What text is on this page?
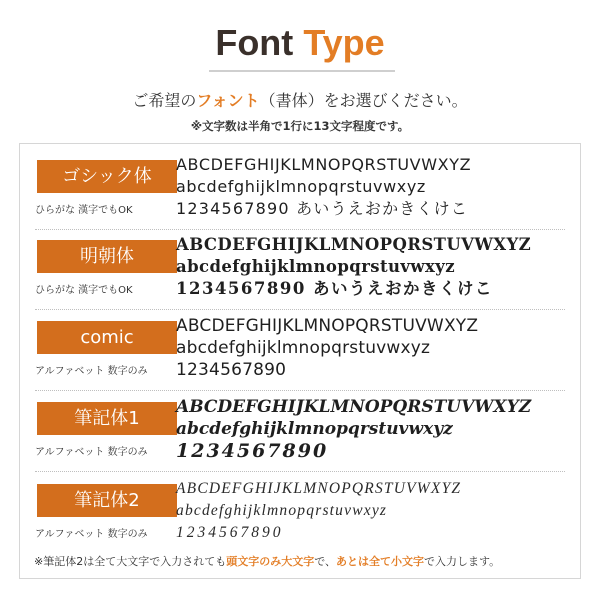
Font Type
ご希望のフォント（書体）をお選びください。
※文字数は半角で1行に13文字程度です。
ゴシック体
ひらがな 漢字でもOK
ABCDEFGHIJKLMNOPQRSTUVWXYZ
abcdefghijklmnopqrstuvwxyz
1234567890 あいうえおかきくけこ
明朝体
ひらがな 漢字でもOK
ABCDEFGHIJKLMNOPQRSTUVWXYZ
abcdefghijklmnopqrstuvwxyz
1234567890 あいうえおかきくけこ
comic
アルファベット 数字のみ
ABCDEFGHIJKLMNOPQRSTUVWXYZ
abcdefghijklmnopqrstuvwxyz
1234567890
筆記体1
アルファベット 数字のみ
ABCDEFGHIJKLMNOPQRSTUVWXYZ
abcdefghijklmnopqrstuvwxyz
1234567890
筆記体2
アルファベット 数字のみ
ABCDEFGHIJKLMNOPQRSTUVWXYZ
abcdefghijklmnopqrstuvwxyz
1234567890
※筆記体2は全て大文字で入力されても頭文字のみ大文字で、あとは全て小文字で入力します。
